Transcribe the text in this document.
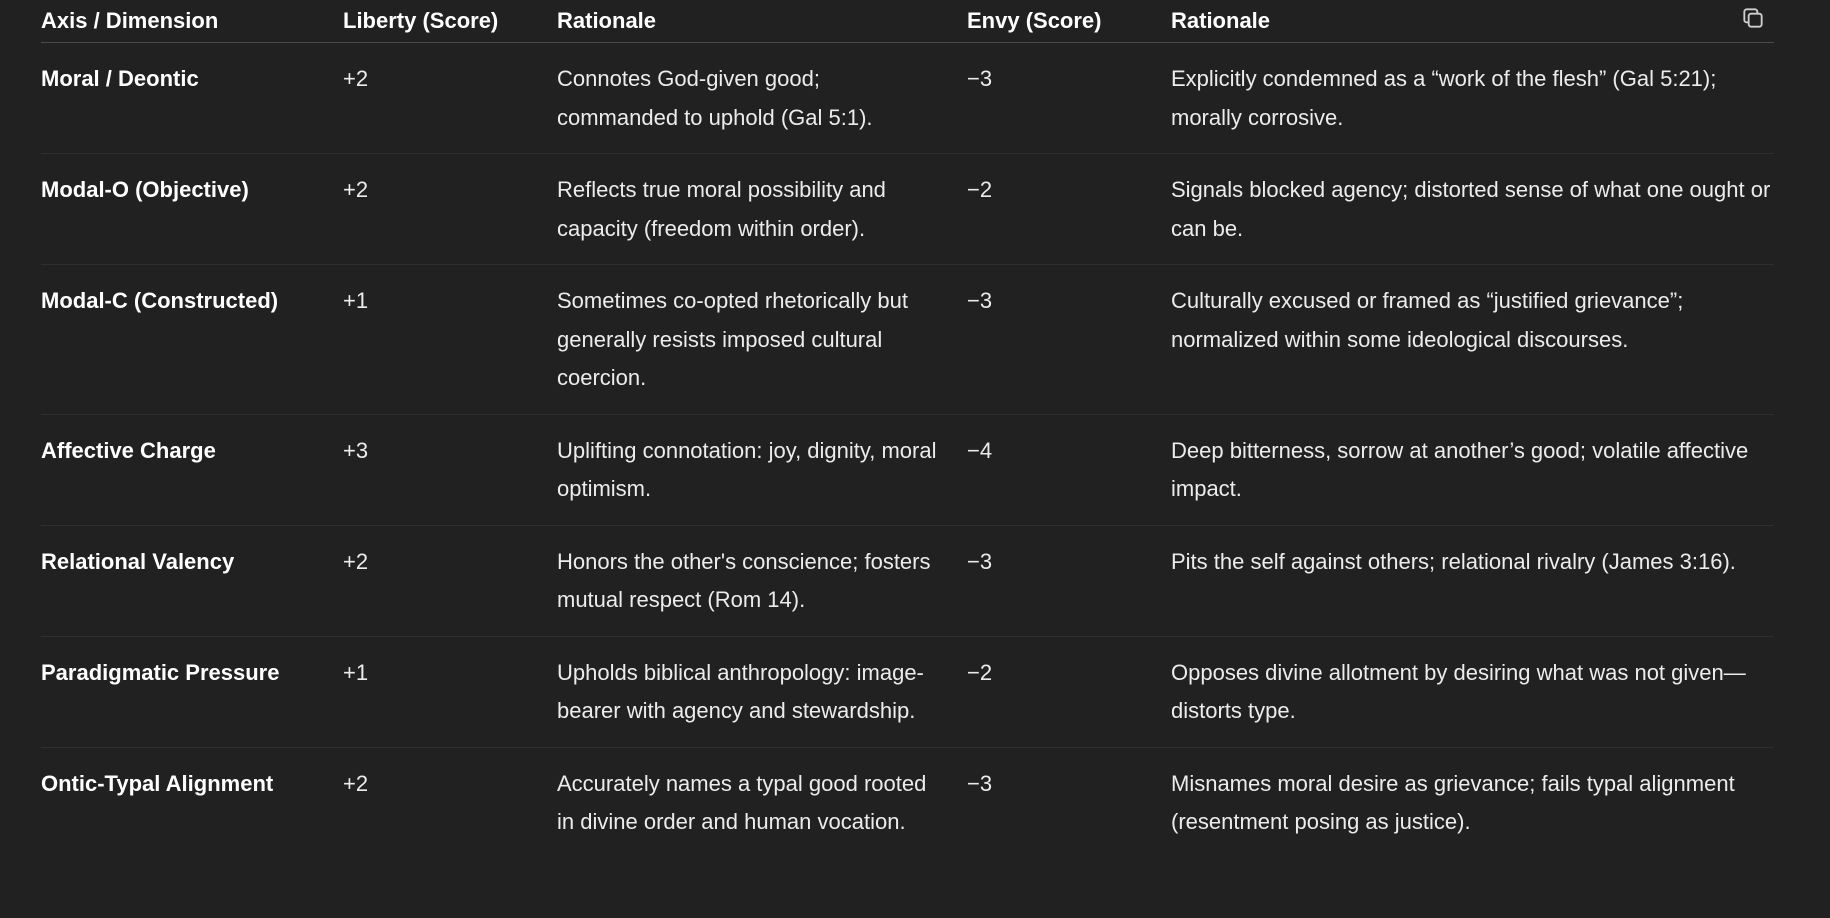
Axis / Dimension	Liberty (Score)	Rationale	Envy (Score)	Rationale
Moral / Deontic	+2	Connotes God-given good; commanded to uphold (Gal 5:1).	−3	Explicitly condemned as a “work of the flesh” (Gal 5:21); morally corrosive.
Modal-O (Objective)	+2	Reflects true moral possibility and capacity (freedom within order).	−2	Signals blocked agency; distorted sense of what one ought or can be.
Modal-C (Constructed)	+1	Sometimes co-opted rhetorically but generally resists imposed cultural coercion.	−3	Culturally excused or framed as “justified grievance”; normalized within some ideological discourses.
Affective Charge	+3	Uplifting connotation: joy, dignity, moral optimism.	−4	Deep bitterness, sorrow at another’s good; volatile affective impact.
Relational Valency	+2	Honors the other's conscience; fosters mutual respect (Rom 14).	−3	Pits the self against others; relational rivalry (James 3:16).
Paradigmatic Pressure	+1	Upholds biblical anthropology: image-bearer with agency and stewardship.	−2	Opposes divine allotment by desiring what was not given—distorts type.
Ontic-Typal Alignment	+2	Accurately names a typal good rooted in divine order and human vocation.	−3	Misnames moral desire as grievance; fails typal alignment (resentment posing as justice).
